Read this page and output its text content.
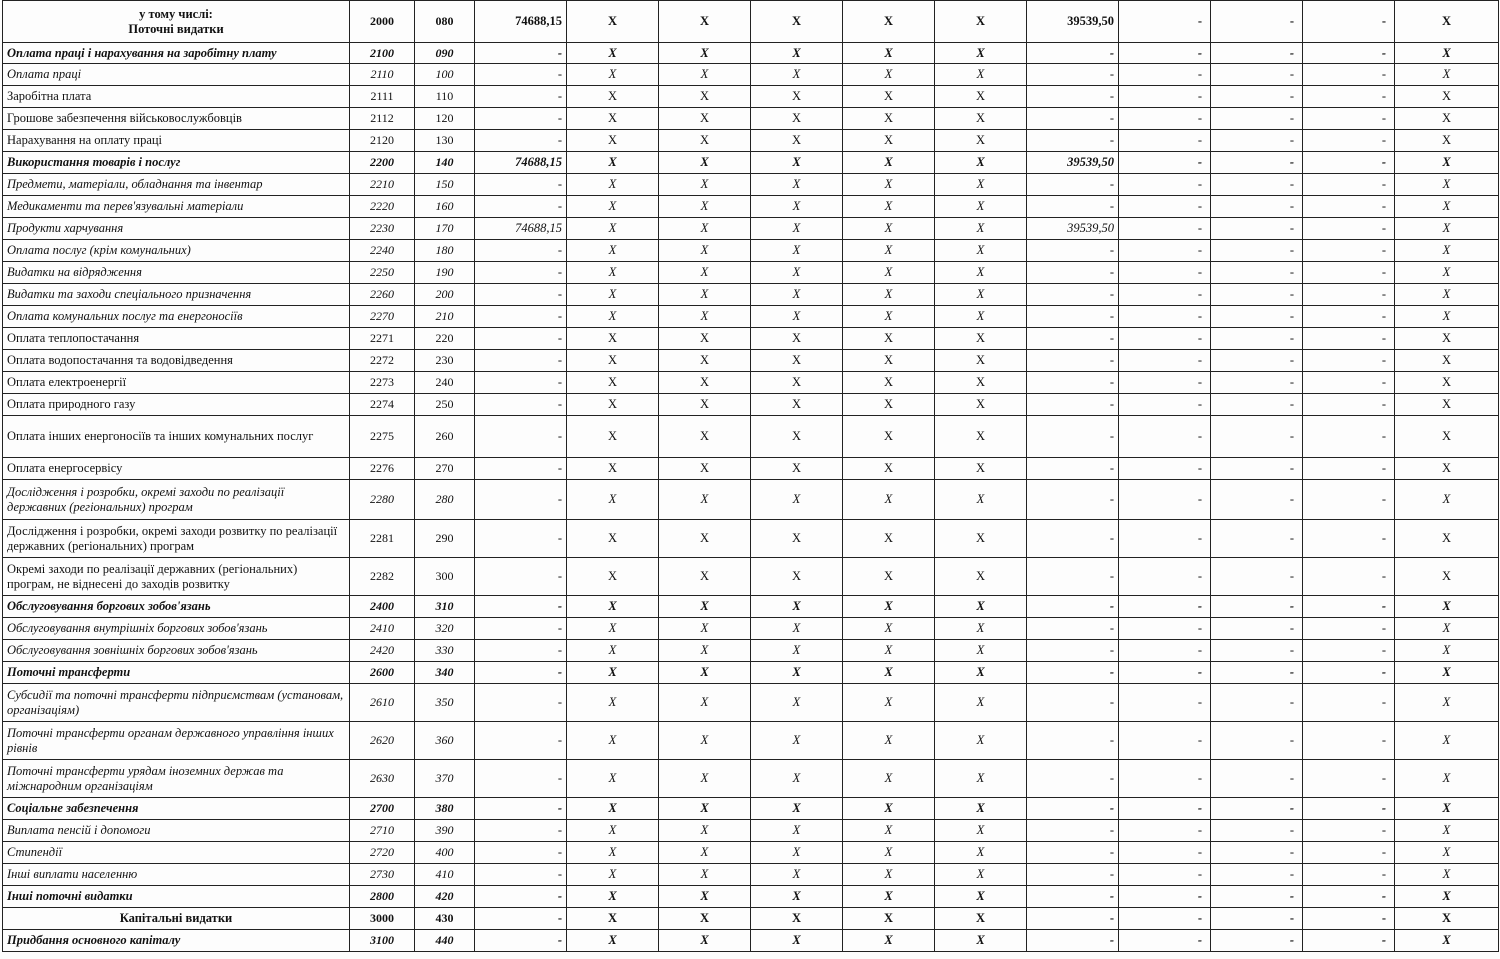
у тому числі:
Поточні видатки	2000	080	74688,15	X	X	X	X	X	39539,50	-	-	-	X
Оплата праці і нарахування на заробітну плату	2100	090	-	X	X	X	X	X	-	-	-	-	X
Оплата праці	2110	100	-	X	X	X	X	X	-	-	-	-	X
Заробітна плата	2111	110	-	X	X	X	X	X	-	-	-	-	X
Грошове забезпечення військовослужбовців	2112	120	-	X	X	X	X	X	-	-	-	-	X
Нарахування на оплату праці	2120	130	-	X	X	X	X	X	-	-	-	-	X
Використання товарів і послуг	2200	140	74688,15	X	X	X	X	X	39539,50	-	-	-	X
Предмети, матеріали, обладнання та інвентар	2210	150	-	X	X	X	X	X	-	-	-	-	X
Медикаменти та перев'язувальні матеріали	2220	160	-	X	X	X	X	X	-	-	-	-	X
Продукти харчування	2230	170	74688,15	X	X	X	X	X	39539,50	-	-	-	X
Оплата послуг (крім комунальних)	2240	180	-	X	X	X	X	X	-	-	-	-	X
Видатки на відрядження	2250	190	-	X	X	X	X	X	-	-	-	-	X
Видатки та заходи спеціального призначення	2260	200	-	X	X	X	X	X	-	-	-	-	X
Оплата комунальних послуг та енергоносіїв	2270	210	-	X	X	X	X	X	-	-	-	-	X
Оплата теплопостачання	2271	220	-	X	X	X	X	X	-	-	-	-	X
Оплата водопостачання та водовідведення	2272	230	-	X	X	X	X	X	-	-	-	-	X
Оплата електроенергії	2273	240	-	X	X	X	X	X	-	-	-	-	X
Оплата природного газу	2274	250	-	X	X	X	X	X	-	-	-	-	X
Оплата інших енергоносіїв та інших комунальних послуг	2275	260	-	X	X	X	X	X	-	-	-	-	X
Оплата енергосервісу	2276	270	-	X	X	X	X	X	-	-	-	-	X
Дослідження і розробки, окремі заходи по реалізації державних (регіональних) програм	2280	280	-	X	X	X	X	X	-	-	-	-	X
Дослідження і розробки, окремі заходи розвитку по реалізації державних (регіональних) програм	2281	290	-	X	X	X	X	X	-	-	-	-	X
Окремі заходи по реалізації державних (регіональних) програм, не віднесені до заходів розвитку	2282	300	-	X	X	X	X	X	-	-	-	-	X
Обслуговування боргових зобов'язань	2400	310	-	X	X	X	X	X	-	-	-	-	X
Обслуговування внутрішніх боргових зобов'язань	2410	320	-	X	X	X	X	X	-	-	-	-	X
Обслуговування зовнішніх боргових зобов'язань	2420	330	-	X	X	X	X	X	-	-	-	-	X
Поточні трансферти	2600	340	-	X	X	X	X	X	-	-	-	-	X
Субсидії та поточні трансферти підприємствам (установам, організаціям)	2610	350	-	X	X	X	X	X	-	-	-	-	X
Поточні трансферти органам державного управління інших рівнів	2620	360	-	X	X	X	X	X	-	-	-	-	X
Поточні трансферти урядам іноземних держав та міжнародним організаціям	2630	370	-	X	X	X	X	X	-	-	-	-	X
Соціальне забезпечення	2700	380	-	X	X	X	X	X	-	-	-	-	X
Виплата пенсій і допомоги	2710	390	-	X	X	X	X	X	-	-	-	-	X
Стипендії	2720	400	-	X	X	X	X	X	-	-	-	-	X
Інші виплати населенню	2730	410	-	X	X	X	X	X	-	-	-	-	X
Інші поточні видатки	2800	420	-	X	X	X	X	X	-	-	-	-	X
Капітальні видатки	3000	430	-	X	X	X	X	X	-	-	-	-	X
Придбання основного капіталу	3100	440	-	X	X	X	X	X	-	-	-	-	X
